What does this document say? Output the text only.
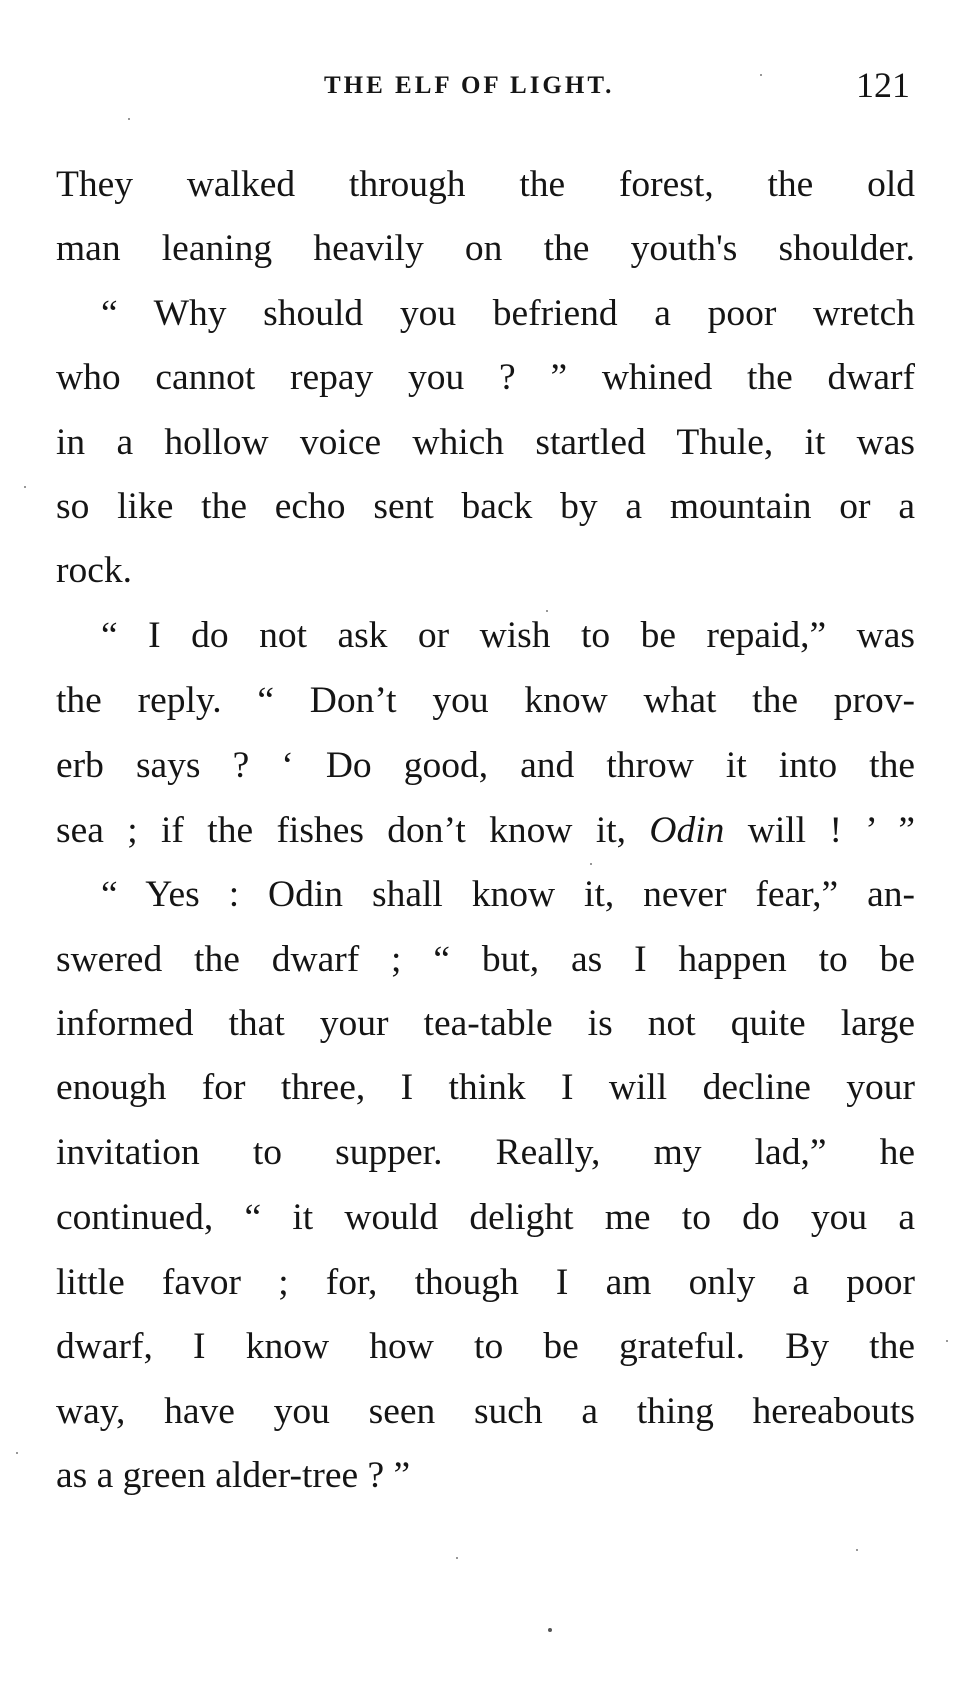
THE ELF OF LIGHT.	121
They walked through the forest, the old
man leaning heavily on the youth's shoulder.
“ Why should you befriend a poor wretch
who cannot repay you ? ” whined the dwarf
in a hollow voice which startled Thule, it was
so like the echo sent back by a mountain or a
rock.
“ I do not ask or wish to be repaid,” was
the reply. “ Don’t you know what the prov-
erb says ? ‘ Do good, and throw it into the
sea ; if the fishes don’t know it, Odin will ! ’ ”
“ Yes : Odin shall know it, never fear,” an-
swered the dwarf ; “ but, as I happen to be
informed that your tea-table is not quite large
enough for three, I think I will decline your
invitation to supper. Really, my lad,” he
continued, “ it would delight me to do you a
little favor ; for, though I am only a poor
dwarf, I know how to be grateful. By the
way, have you seen such a thing hereabouts
as a green alder-tree ? ”
